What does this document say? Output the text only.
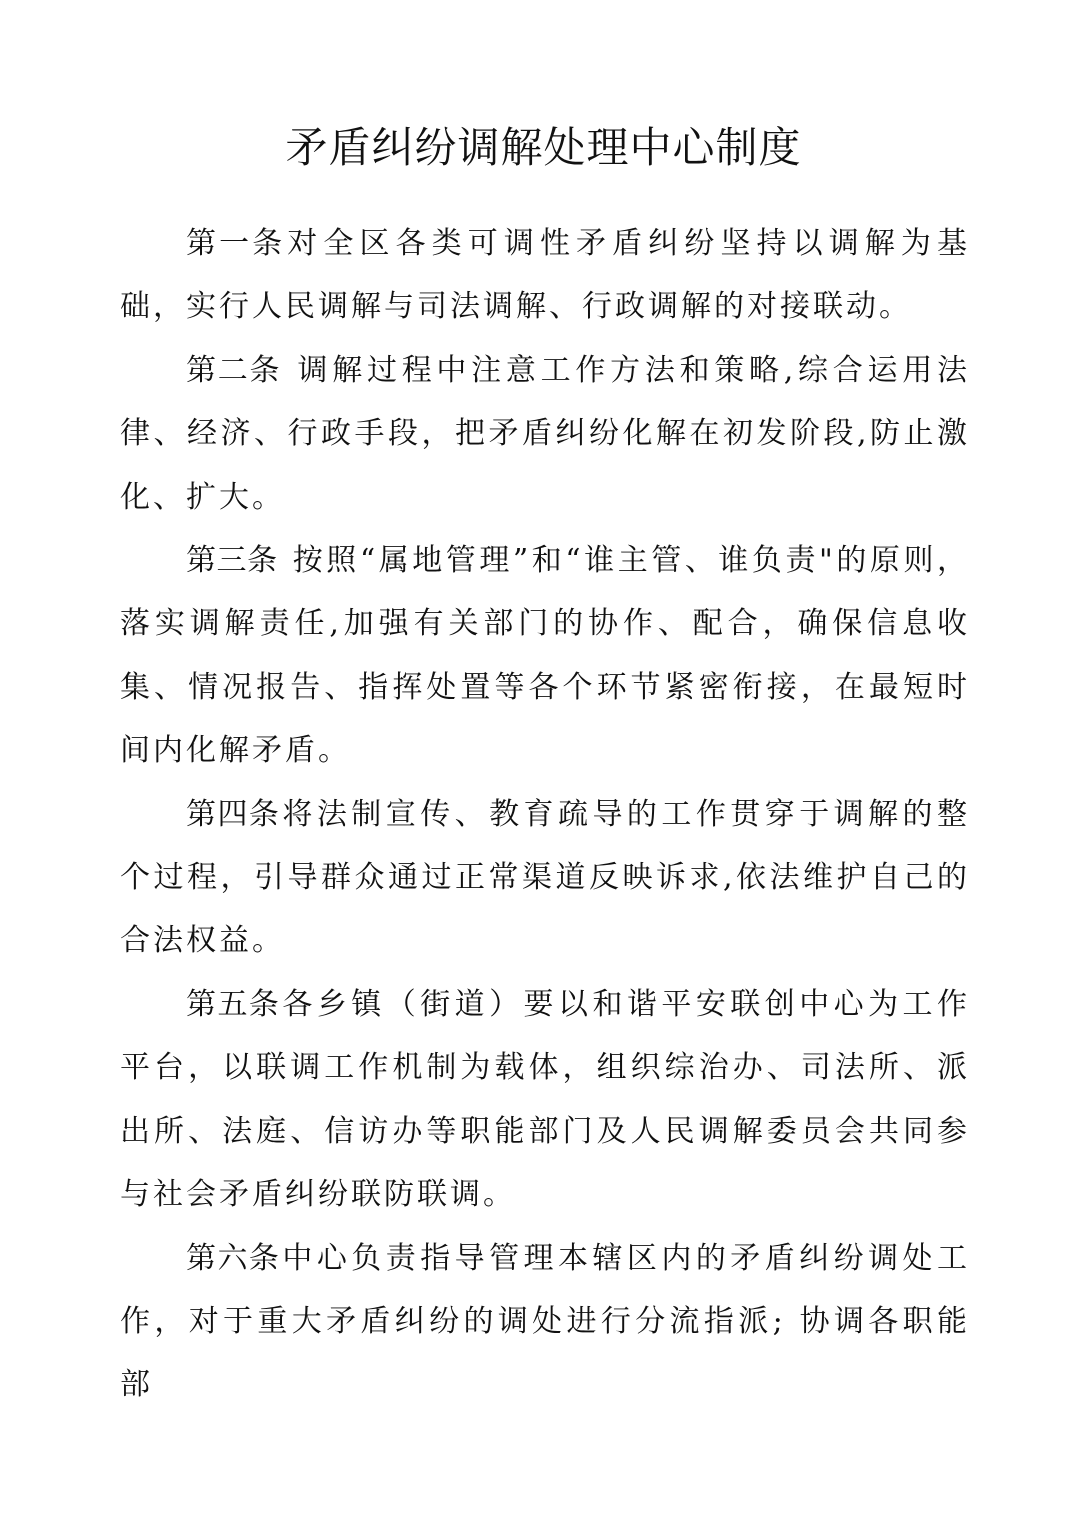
矛盾纠纷调解处理中心制度

第一条对全区各类可调性矛盾纠纷坚持以调解为基础，实行人民调解与司法调解、行政调解的对接联动。

第二条 调解过程中注意工作方法和策略,综合运用法律、经济、行政手段，把矛盾纠纷化解在初发阶段,防止激化、扩大。

第三条 按照“属地管理”和“谁主管、谁负责"的原则，落实调解责任,加强有关部门的协作、配合，确保信息收集、情况报告、指挥处置等各个环节紧密衔接，在最短时间内化解矛盾。

第四条将法制宣传、教育疏导的工作贯穿于调解的整个过程，引导群众通过正常渠道反映诉求,依法维护自己的合法权益。

第五条各乡镇（街道）要以和谐平安联创中心为工作平台，以联调工作机制为载体，组织综治办、司法所、派出所、法庭、信访办等职能部门及人民调解委员会共同参与社会矛盾纠纷联防联调。

第六条中心负责指导管理本辖区内的矛盾纠纷调处工作，对于重大矛盾纠纷的调处进行分流指派; 协调各职能部
